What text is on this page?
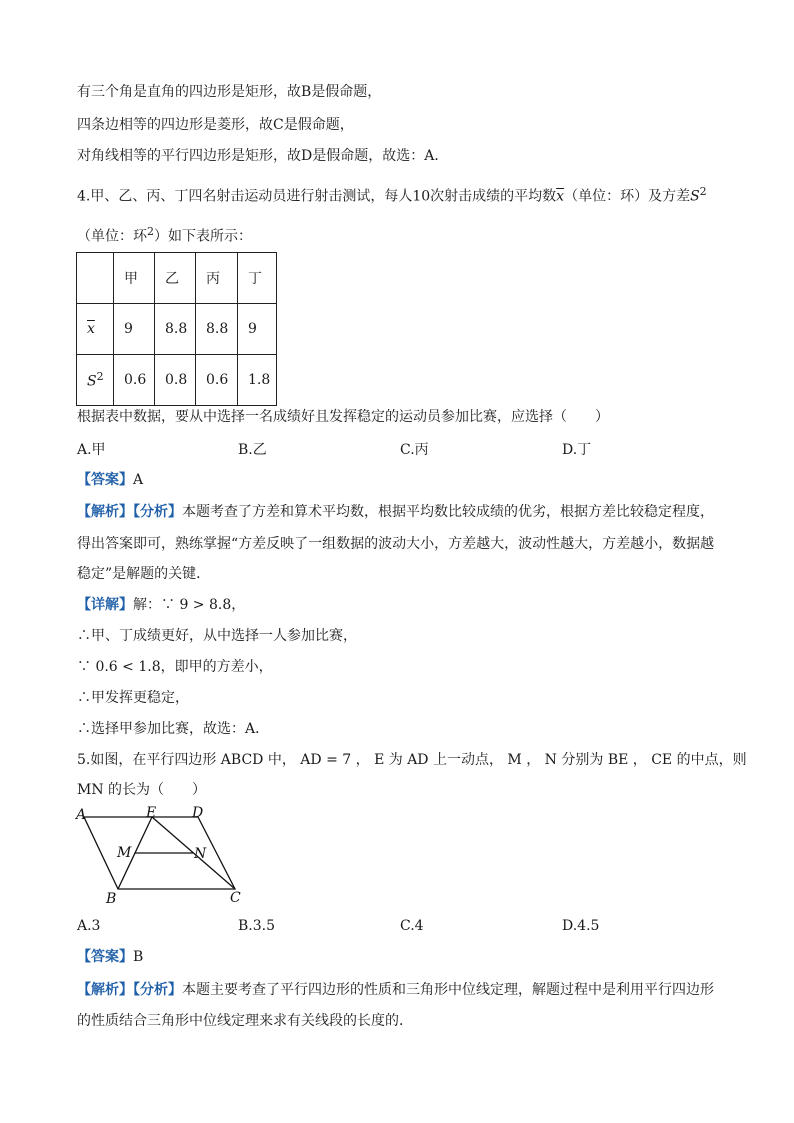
有三个角是直角的四边形是矩形，故B是假命题，
四条边相等的四边形是菱形，故C是假命题，
对角线相等的平行四边形是矩形，故D是假命题，故选：A．
4.甲、乙、丙、丁四名射击运动员进行射击测试，每人10次射击成绩的平均数$\overline{x}$（单位：环）及方差$S^2$
（单位：环$^2$）如下表所示：
	甲	乙	丙	丁
$\overline{x}$	9	8.8	8.8	9
$S^2$	0.6	0.8	0.6	1.8
根据表中数据，要从中选择一名成绩好且发挥稳定的运动员参加比赛，应选择（　　）
A.甲	B.乙	C.丙	D.丁
【答案】A
【解析】【分析】本题考查了方差和算术平均数，根据平均数比较成绩的优劣，根据方差比较稳定程度，
得出答案即可，熟练掌握“方差反映了一组数据的波动大小，方差越大，波动性越大，方差越小，数据越
稳定”是解题的关键．
【详解】解：∵ 9 > 8.8，
∴甲、丁成绩更好，从中选择一人参加比赛，
∵ 0.6 < 1.8，即甲的方差小，
∴甲发挥更稳定，
∴选择甲参加比赛，故选：A．
5.如图，在平行四边形 ABCD 中， AD = 7 ， E 为 AD 上一动点， M ， N 分别为 BE ， CE 的中点，则
MN 的长为（　　）
A	E	D
M	N
B	C
A.3	B.3.5	C.4	D.4.5
【答案】B
【解析】【分析】本题主要考查了平行四边形的性质和三角形中位线定理，解题过程中是利用平行四边形
的性质结合三角形中位线定理来求有关线段的长度的．
